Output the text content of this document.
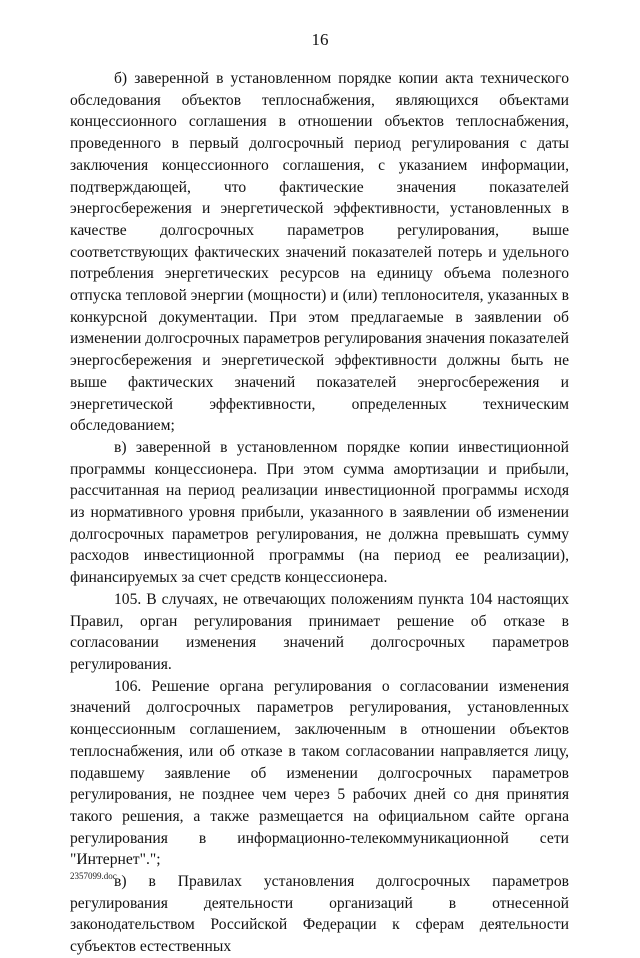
16

б) заверенной в установленном порядке копии акта технического обследования объектов теплоснабжения, являющихся объектами концессионного соглашения в отношении объектов теплоснабжения, проведенного в первый долгосрочный период регулирования с даты заключения концессионного соглашения, с указанием информации, подтверждающей, что фактические значения показателей энергосбережения и энергетической эффективности, установленных в качестве долгосрочных параметров регулирования, выше соответствующих фактических значений показателей потерь и удельного потребления энергетических ресурсов на единицу объема полезного отпуска тепловой энергии (мощности) и (или) теплоносителя, указанных в конкурсной документации. При этом предлагаемые в заявлении об изменении долгосрочных параметров регулирования значения показателей энергосбережения и энергетической эффективности должны быть не выше фактических значений показателей энергосбережения и энергетической эффективности, определенных техническим обследованием;

в) заверенной в установленном порядке копии инвестиционной программы концессионера. При этом сумма амортизации и прибыли, рассчитанная на период реализации инвестиционной программы исходя из нормативного уровня прибыли, указанного в заявлении об изменении долгосрочных параметров регулирования, не должна превышать сумму расходов инвестиционной программы (на период ее реализации), финансируемых за счет средств концессионера.

105. В случаях, не отвечающих положениям пункта 104 настоящих Правил, орган регулирования принимает решение об отказе в согласовании изменения значений долгосрочных параметров регулирования.

106. Решение органа регулирования о согласовании изменения значений долгосрочных параметров регулирования, установленных концессионным соглашением, заключенным в отношении объектов теплоснабжения, или об отказе в таком согласовании направляется лицу, подавшему заявление об изменении долгосрочных параметров регулирования, не позднее чем через 5 рабочих дней со дня принятия такого решения, а также размещается на официальном сайте органа регулирования в информационно-телекоммуникационной сети "Интернет".";

в) в Правилах установления долгосрочных параметров регулирования деятельности организаций в отнесенной законодательством Российской Федерации к сферам деятельности субъектов естественных

2357099.doc
